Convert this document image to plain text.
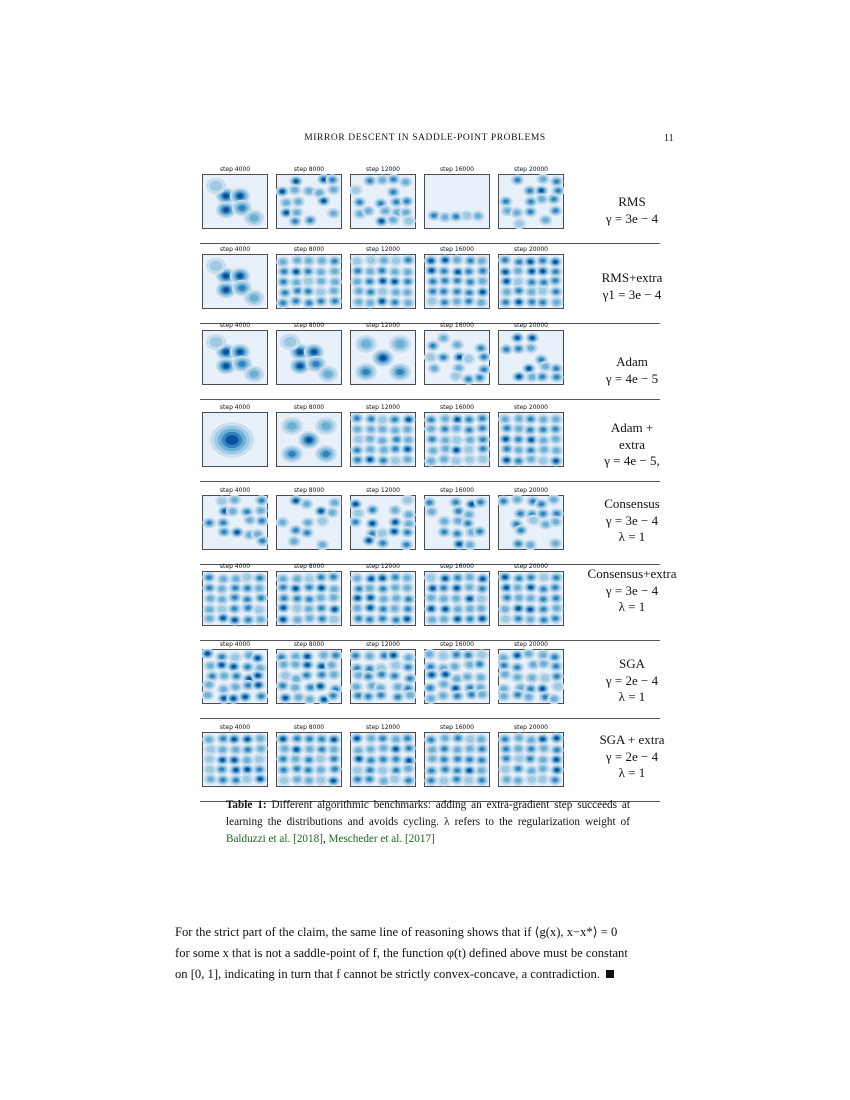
MIRROR DESCENT IN SADDLE-POINT PROBLEMS	11
step 4000	step 8000	step 12000	step 16000	step 20000
RMS
γ = 3e − 4
step 4000	step 8000	step 12000	step 16000	step 20000
RMS+extra
γ1 = 3e − 4
step 4000	step 8000	step 12000	step 16000	step 20000
Adam
γ = 4e − 5
step 4000	step 8000	step 12000	step 16000	step 20000
Adam +
extra
γ = 4e − 5,
step 4000	step 8000	step 12000	step 16000	step 20000
Consensus
γ = 3e − 4
λ = 1
step 4000	step 8000	step 12000	step 16000	step 20000	Consensus+extra
γ = 3e − 4
λ = 1
step 4000	step 8000	step 12000	step 16000	step 20000
SGA
γ = 2e − 4
λ = 1
step 4000	step 8000	step 12000	step 16000	step 20000
SGA + extra
γ = 2e − 4
λ = 1
Table 1: Different algorithmic benchmarks: adding an extra-gradient step succeeds at learning the distributions and avoids cycling. λ refers to the regularization weight of Balduzzi et al. [2018], Mescheder et al. [2017]
For the strict part of the claim, the same line of reasoning shows that if ⟨g(x), x−x*⟩ = 0
for some x that is not a saddle-point of f, the function φ(t) defined above must be constant
on [0, 1], indicating in turn that f cannot be strictly convex-concave, a contradiction.
